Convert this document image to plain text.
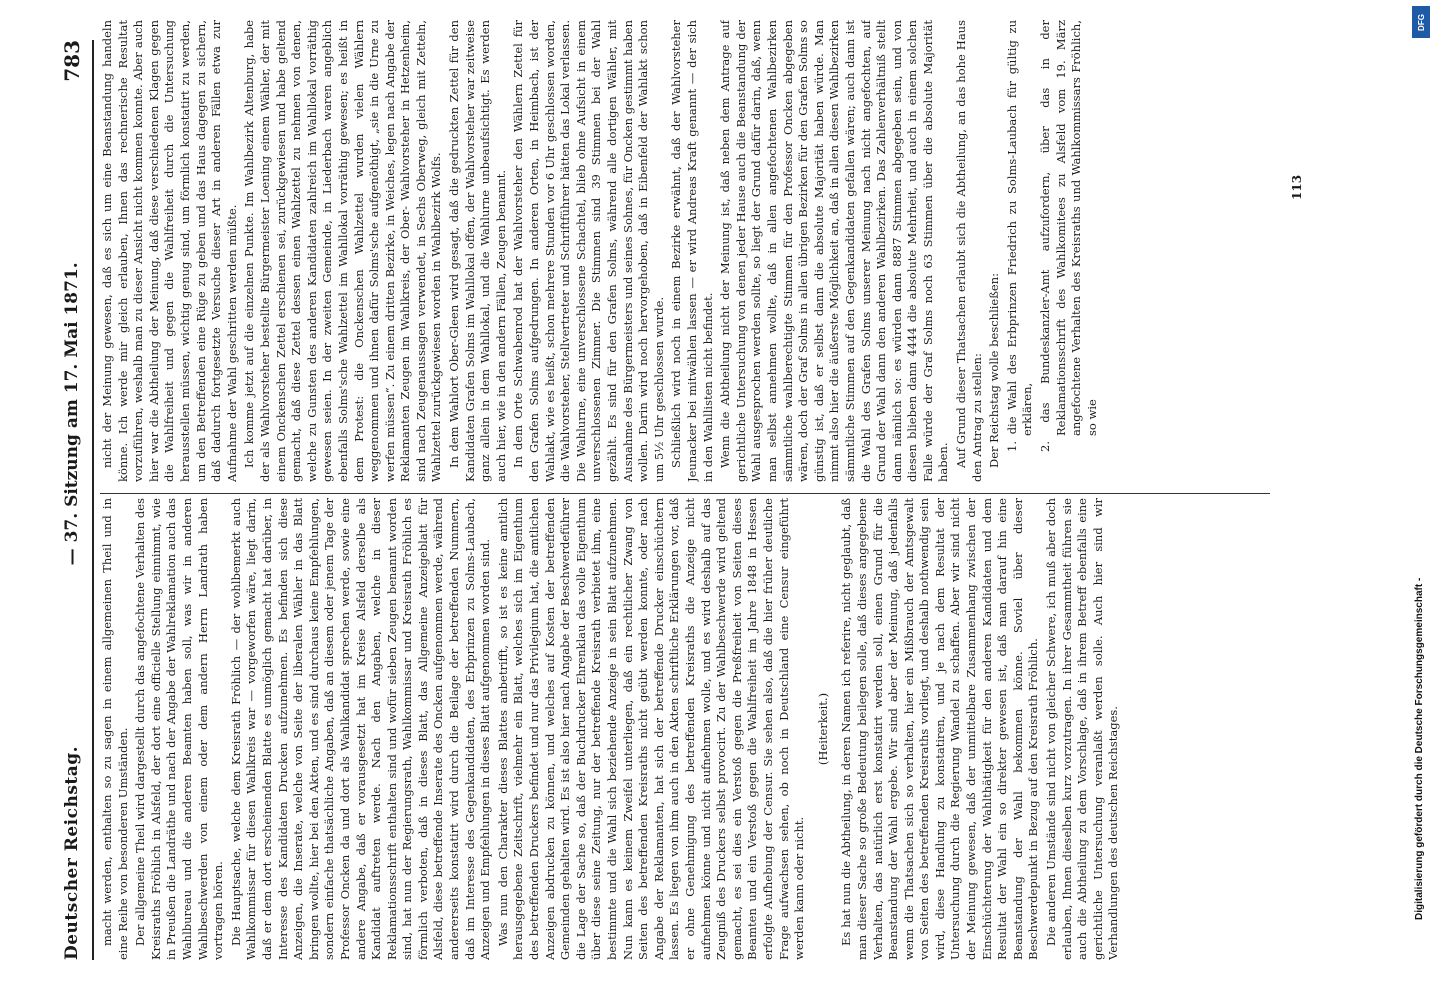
Deutscher Reichstag.
— 37. Sitzung am 17. Mai 1871.
783

macht werden, enthalten so zu sagen in einem allgemeinen Theil und in eine Reihe von besonderen Umständen. Der allgemeine Theil wird dargestellt durch das angefochtene Verhalten des Kreisraths Fröhlich in Alsfeld, der dort eine officielle Stellung einnimmt, wie in Preußen die Landräthe und nach der Angabe der Wahlreklamation auch das Wahlbureau und die anderen Beamten haben soll, was wir in anderen Wahlbeschwerden von einem oder dem andern Herrn Landrath haben vortragen hören. Die Hauptsache, welche dem Kreisrath Fröhlich — der wohlbemerkt auch Wahlkommissar für diesen Wahlkreis war — vorgeworfen wäre, liegt darin, daß er dem dort erscheinenden Blatte es unmöglich gemacht hat darüber, in Interesse des Kandidaten Drucken aufzunehmen. Es befinden sich diese Anzeigen, die Inserate, welche von Seite der liberalen Wähler in das Blatt bringen wollte, hier bei den Akten, und es sind durchaus keine Empfehlungen, sondern einfache thatsächliche Angaben, daß an diesem oder jenem Tage der Professor Oncken da und dort als Wahlkandidat sprechen werde, sowie eine andere Angabe, daß er vorausgesetzt hat im Kreise Alsfeld derselbe als Kandidat auftreten werde. Nach den Angaben, welche in dieser Reklamationsschrift enthalten sind und wofür sieben Zeugen benannt worden sind, hat nun der Regierungsrath, Wahlkommissar und Kreisrath Fröhlich es förmlich verboten, daß in dieses Blatt, das Allgemeine Anzeigeblatt für Alsfeld, diese betreffende Inserate des Oncken aufgenommen werde, während andererseits konstatirt wird durch die Beilage der betreffenden Nummern, daß im Interesse des Gegenkandidaten, des Erbprinzen zu Solms-Laubach, Anzeigen und Empfehlungen in dieses Blatt aufgenommen worden sind. Was nun den Charakter dieses Blattes anbetrifft, so ist es keine amtlich herausgegebene Zeitschrift, vielmehr ein Blatt, welches sich im Eigenthum des betreffenden Druckers befindet und nur das Privilegium hat, die amtlichen Anzeigen abdrucken zu können, und welches auf Kosten der betreffenden Gemeinden gehalten wird. Es ist also hier nach Angabe der Beschwerdeführer die Lage der Sache so, daß der Buchdrucker Ehrenklau das volle Eigenthum über diese seine Zeitung, nur der betreffende Kreisrath verbietet ihm, eine bestimmte und die Wahl sich beziehende Anzeige in sein Blatt aufzunehmen. Nun kann es keinem Zweifel unterliegen, daß ein rechtlicher Zwang von Seiten des betreffenden Kreisraths nicht geübt werden konnte, oder nach Angabe der Reklamanten, hat sich der betreffende Drucker einschüchtern lassen. Es liegen von ihm auch in den Akten schriftliche Erklärungen vor, daß er ohne Genehmigung des betreffenden Kreisraths die Anzeige nicht aufnehmen könne und nicht aufnehmen wolle, und es wird deshalb auf das Zeugniß des Druckers selbst provocirt. Zu der Wahlbeschwerde wird geltend gemacht, es sei dies ein Verstoß gegen die Preßfreiheit von Seiten dieses Beamten und ein Verstoß gegen die Wahlfreiheit im Jahre 1848 in Hessen erfolgte Aufhebung der Censur. Sie sehen also, daß die hier früher deutliche Frage aufwachsen sehen, ob noch in Deutschland eine Censur eingeführt werden kann oder nicht.

(Heiterkeit.) Es hat nun die Abtheilung, in deren Namen ich referire, nicht geglaubt, daß man dieser Sache so große Bedeutung beilegen solle, daß dieses angegebene Verhalten, das natürlich erst konstatirt werden soll, einen Grund für die Beanstandung der Wahl ergebe. Wir sind aber der Meinung, daß jedenfalls wenn die Thatsachen sich so verhalten, hier ein Mißbrauch der Amtsgewalt von Seiten des betreffenden Kreisraths vorliegt, und deshalb nothwendig sein wird, diese Handlung zu konstatiren, und je nach dem Resultat der Untersuchung durch die Regierung Wandel zu schaffen. Aber wir sind nicht der Meinung gewesen, daß der unmittelbare Zusammenhang zwischen der Einschüchterung der Wahlthätigkeit für den anderen Kandidaten und dem Resultat der Wahl ein so direkter gewesen ist, daß man darauf hin eine Beanstandung der Wahl bekommen könne. Soviel über dieser Beschwerdepunkt in Bezug auf den Kreisrath Fröhlich. Die anderen Umstände sind nicht von gleicher Schwere, ich muß aber doch erlauben, Ihnen dieselben kurz vorzutragen. In ihrer Gesammtheit führen sie auch die Abtheilung zu dem Vorschlage, daß in ihrem Betreff ebenfalls eine gerichtliche Untersuchung veranlaßt werden solle. Auch hier sind wir Verhandlungen des deutschen Reichstages.

nicht der Meinung gewesen, daß es sich um eine Beanstandung handeln könne. Ich werde mir gleich erlauben, Ihnen das rechnerische Resultat vorzuführen, weshalb man zu dieser Ansicht nicht kommen konnte. Aber auch hier war die Abtheilung der Meinung, daß diese verschiedenen Klagen gegen die Wahlfreiheit und gegen die Wahlfreiheit durch die Untersuchung herausstellen müssen, wichtig genug sind, um förmlich konstatirt zu werden, um den Betreffenden eine Rüge zu geben und das Haus dagegen zu sichern, daß dadurch fortgesetzte Versuche dieser Art in anderen Fällen etwa zur Aufnahme der Wahl geschritten werden müßte. Ich komme jetzt auf die einzelnen Punkte. Im Wahlbezirk Altenburg, habe der als Wahlvorsteher bestellte Bürgermeister Loening einem Wähler, der mit einem Onckenschen Zettel erschienen sei, zurückgewiesen und habe geltend gemacht, daß diese Zettel dessen einen Wahlzettel zu nehmen von denen, welche zu Gunsten des anderen Kandidaten zahlreich im Wahllokal vorräthig gewesen seien. In der zweiten Gemeinde, in Liederbach waren angeblich ebenfalls Solms'sche Wahlzettel im Wahllokal vorräthig gewesen; es heißt in dem Protest: die Onckenschen Wahlzettel wurden vielen Wählern weggenommen und ihnen dafür Solms'sche aufgenöthigt, „sie in die Urne zu werfen müssen“. Zu einem dritten Bezirke, in Weiches, legen nach Angabe der Reklamanten Zeugen im Wahlkreis, der Ober- Wahlvorsteher in Hetzenheim, sind nach Zeugenaussagen verwendet, in Sechs Oberweg, gleich mit Zetteln, Wahlzettel zurückgewiesen worden in Wahlbezirk Wolfs. In dem Wahlort Ober-Gleen wird gesagt, daß die gedruckten Zettel für den Kandidaten Grafen Solms im Wahllokal offen, der Wahlvorsteher war zeitweise ganz allein in dem Wahllokal, und die Wahlurne unbeaufsichtigt. Es werden auch hier, wie in den andern Fällen, Zeugen benannt. In dem Orte Schwabenrod hat der Wahlvorsteher den Wählern Zettel für den Grafen Solms aufgedrungen. In anderen Orten, in Heimbach, ist der Wahlakt, wie es heißt, schon mehrere Stunden vor 6 Uhr geschlossen worden, die Wahlvorsteher, Stellvertreter und Schriftführer hätten das Lokal verlassen. Die Wahlurne, eine unverschlossene Schachtel, blieb ohne Aufsicht in einem unverschlossenen Zimmer. Die Stimmen sind 39 Stimmen bei der Wahl gezählt. Es sind für den Grafen Solms, während alle dortigen Wähler, mit Ausnahme des Bürgermeisters und seines Sohnes, für Oncken gestimmt haben wollen. Darin wird noch hervorgehoben, daß in Eibenfeld der Wahlakt schon um 5½ Uhr geschlossen wurde. Schließlich wird noch in einem Bezirke erwähnt, daß der Wahlvorsteher Jeunacker bei mitwählen lassen — er wird Andreas Kraft genannt — der sich in den Wahllisten nicht befindet. Wenn die Abtheilung nicht der Meinung ist, daß neben dem Antrage auf gerichtliche Untersuchung von denen jeder Hause auch die Beanstandung der Wahl ausgesprochen werden sollte, so liegt der Grund dafür darin, daß, wenn man selbst annehmen wollte, daß in allen angefochtenen Wahlbezirken sämmtliche wahlberechtigte Stimmen für den Professor Oncken abgegeben wären, doch der Graf Solms in allen übrigen Bezirken für den Grafen Solms so günstig ist, daß er selbst dann die absolute Majorität haben würde. Man nimmt also hier die äußerste Möglichkeit an, daß in allen diesen Wahlbezirken sämmtliche Stimmen auf den Gegenkandidaten gefallen wären; auch dann ist die Wahl des Grafen Solms unserer Meinung nach nicht angefochten, auf Grund der Wahl dann den anderen Wahlbezirken. Das Zahlenverhältniß stellt dann nämlich so: es würden dann 8887 Stimmen abgegeben sein, und von diesen blieben dann 4444 die absolute Mehrheit, und auch in einem solchen Falle würde der Graf Solms noch 63 Stimmen über die absolute Majorität haben. Auf Grund dieser Thatsachen erlaubt sich die Abtheilung, an das hohe Haus den Antrag zu stellen: Der Reichstag wolle beschließen: 1. die Wahl des Erbprinzen Friedrich zu Solms-Laubach für gültig zu erklären, 2. das Bundeskanzler-Amt aufzufordern, über das in der Reklamationsschrift des Wahlkomitees zu Alsfeld vom 19. März angefochtene Verhalten des Kreisraths und Wahlkommissars Fröhlich, so wie
113
Digitalisierung gefördert durch die Deutsche Forschungsgemeinschaft -
DFG
